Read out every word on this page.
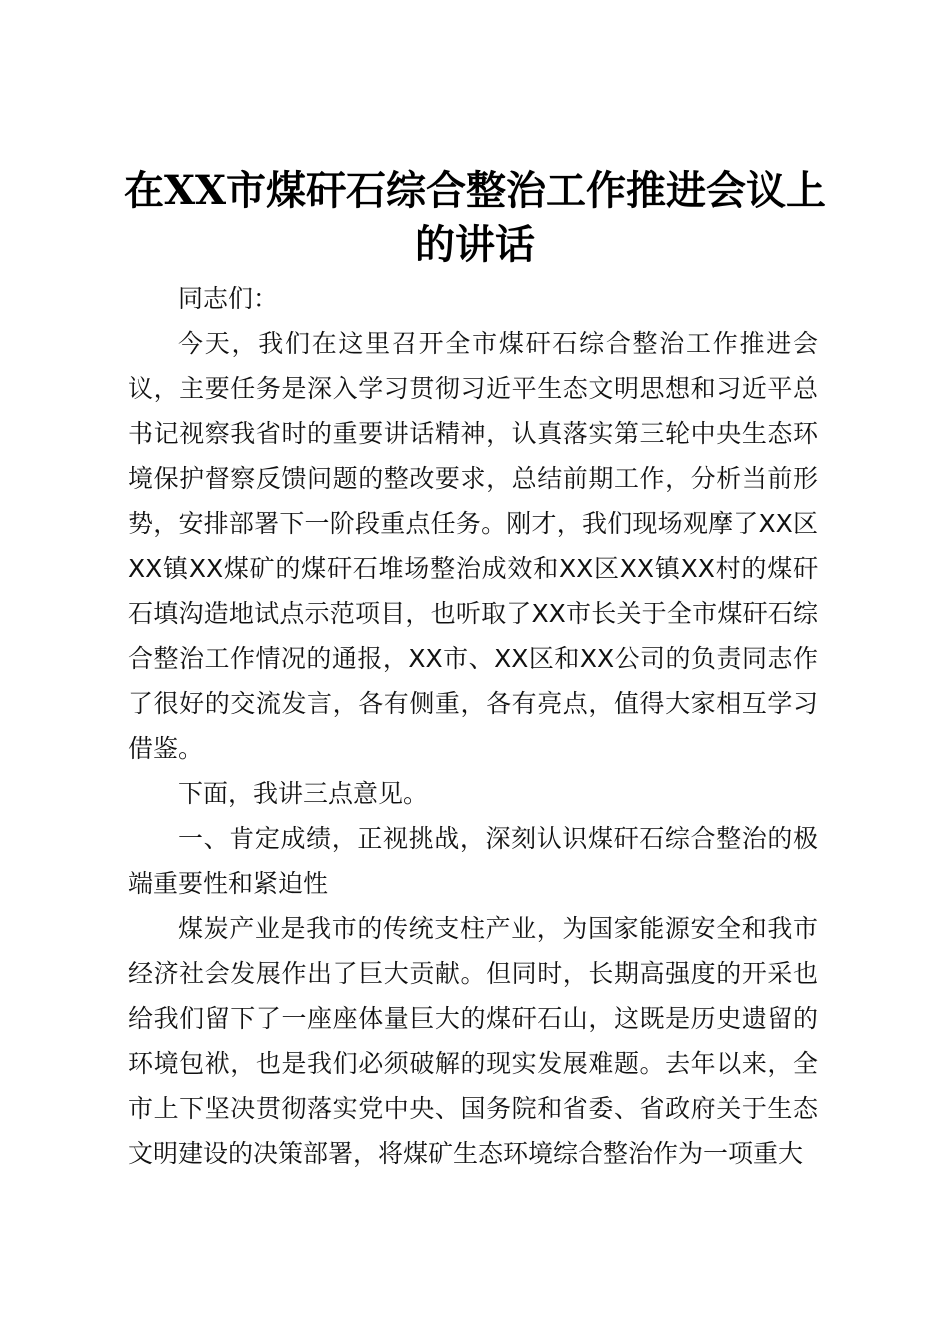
在XX市煤矸石综合整治工作推进会议上的讲话

同志们：

今天，我们在这里召开全市煤矸石综合整治工作推进会议，主要任务是深入学习贯彻习近平生态文明思想和习近平总书记视察我省时的重要讲话精神，认真落实第三轮中央生态环境保护督察反馈问题的整改要求，总结前期工作，分析当前形势，安排部署下一阶段重点任务。刚才，我们现场观摩了XX区XX镇XX煤矿的煤矸石堆场整治成效和XX区XX镇XX村的煤矸石填沟造地试点示范项目，也听取了XX市长关于全市煤矸石综合整治工作情况的通报，XX市、XX区和XX公司的负责同志作了很好的交流发言，各有侧重，各有亮点，值得大家相互学习借鉴。

下面，我讲三点意见。

一、肯定成绩，正视挑战，深刻认识煤矸石综合整治的极端重要性和紧迫性

煤炭产业是我市的传统支柱产业，为国家能源安全和我市经济社会发展作出了巨大贡献。但同时，长期高强度的开采也给我们留下了一座座体量巨大的煤矸石山，这既是历史遗留的环境包袱，也是我们必须破解的现实发展难题。去年以来，全市上下坚决贯彻落实党中央、国务院和省委、省政府关于生态文明建设的决策部署，将煤矿生态环境综合整治作为一项重大
